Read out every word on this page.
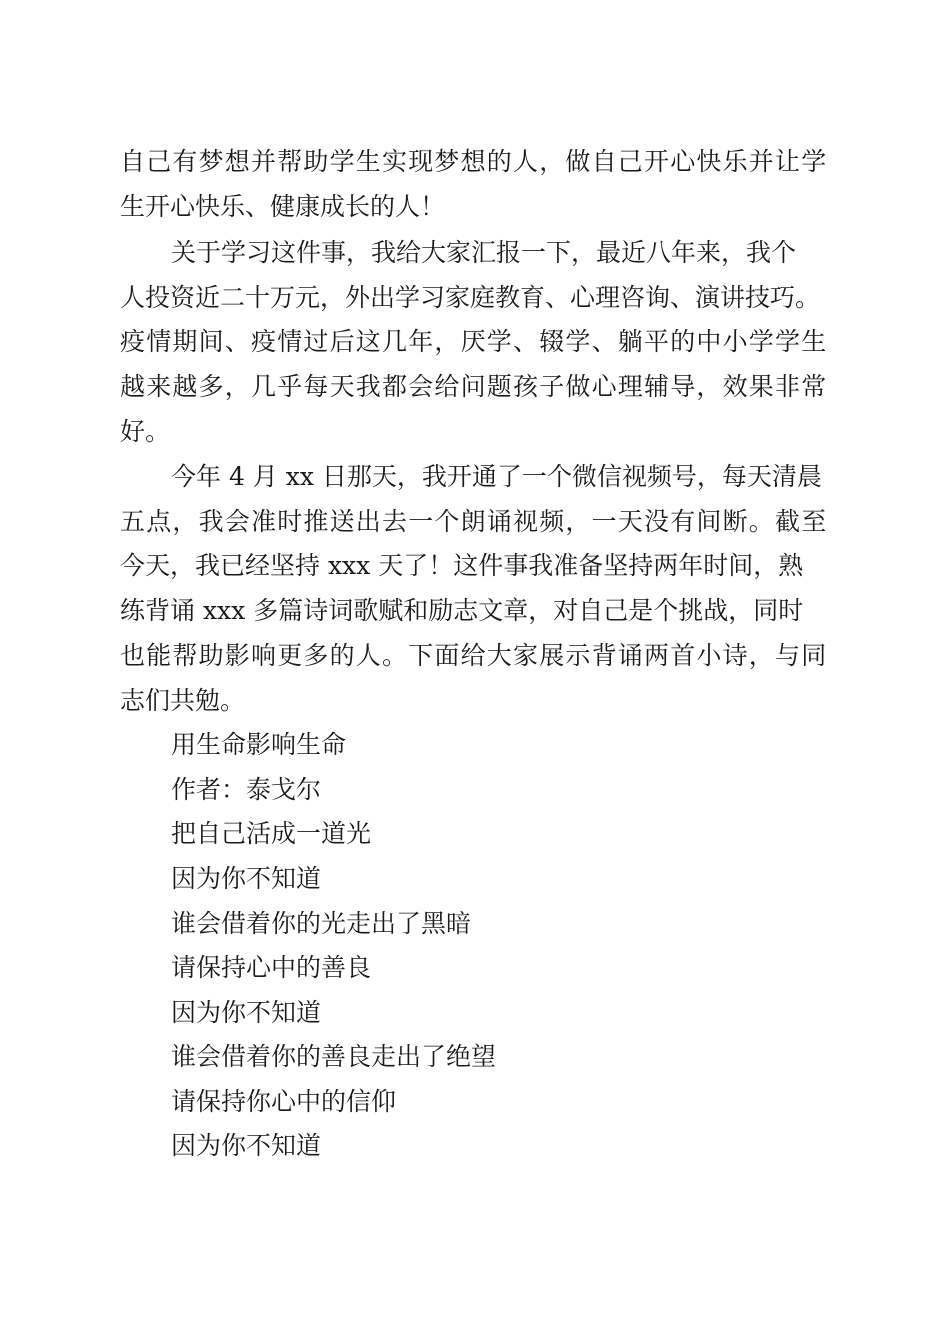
自己有梦想并帮助学生实现梦想的人，做自己开心快乐并让学
生开心快乐、健康成长的人！
关于学习这件事，我给大家汇报一下，最近八年来，我个
人投资近二十万元，外出学习家庭教育、心理咨询、演讲技巧。
疫情期间、疫情过后这几年，厌学、辍学、躺平的中小学学生
越来越多，几乎每天我都会给问题孩子做心理辅导，效果非常
好。
今年 4 月 xx 日那天，我开通了一个微信视频号，每天清晨
五点，我会准时推送出去一个朗诵视频，一天没有间断。截至
今天，我已经坚持 xxx 天了！这件事我准备坚持两年时间，熟
练背诵 xxx 多篇诗词歌赋和励志文章，对自己是个挑战，同时
也能帮助影响更多的人。下面给大家展示背诵两首小诗，与同
志们共勉。
用生命影响生命
作者：泰戈尔
把自己活成一道光
因为你不知道
谁会借着你的光走出了黑暗
请保持心中的善良
因为你不知道
谁会借着你的善良走出了绝望
请保持你心中的信仰
因为你不知道
